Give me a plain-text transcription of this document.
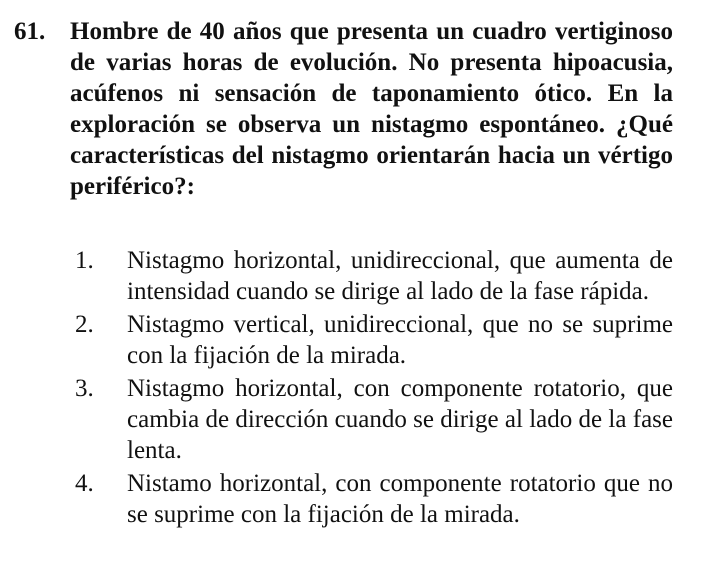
61. Hombre de 40 años que presenta un cuadro vertiginoso de varias horas de evolución. No presenta hipoacusia, acúfenos ni sensación de taponamiento ótico. En la exploración se observa un nistagmo espontáneo. ¿Qué características del nistagmo orientarán hacia un vértigo periférico?:

1.	Nistagmo horizontal, unidireccional, que aumenta de intensidad cuando se dirige al lado de la fase rápida.
2.	Nistagmo vertical, unidireccional, que no se suprime con la fijación de la mirada.
3.	Nistagmo horizontal, con componente rotatorio, que cambia de dirección cuando se dirige al lado de la fase lenta.
4.	Nistamo horizontal, con componente rotatorio que no se suprime con la fijación de la mirada.
